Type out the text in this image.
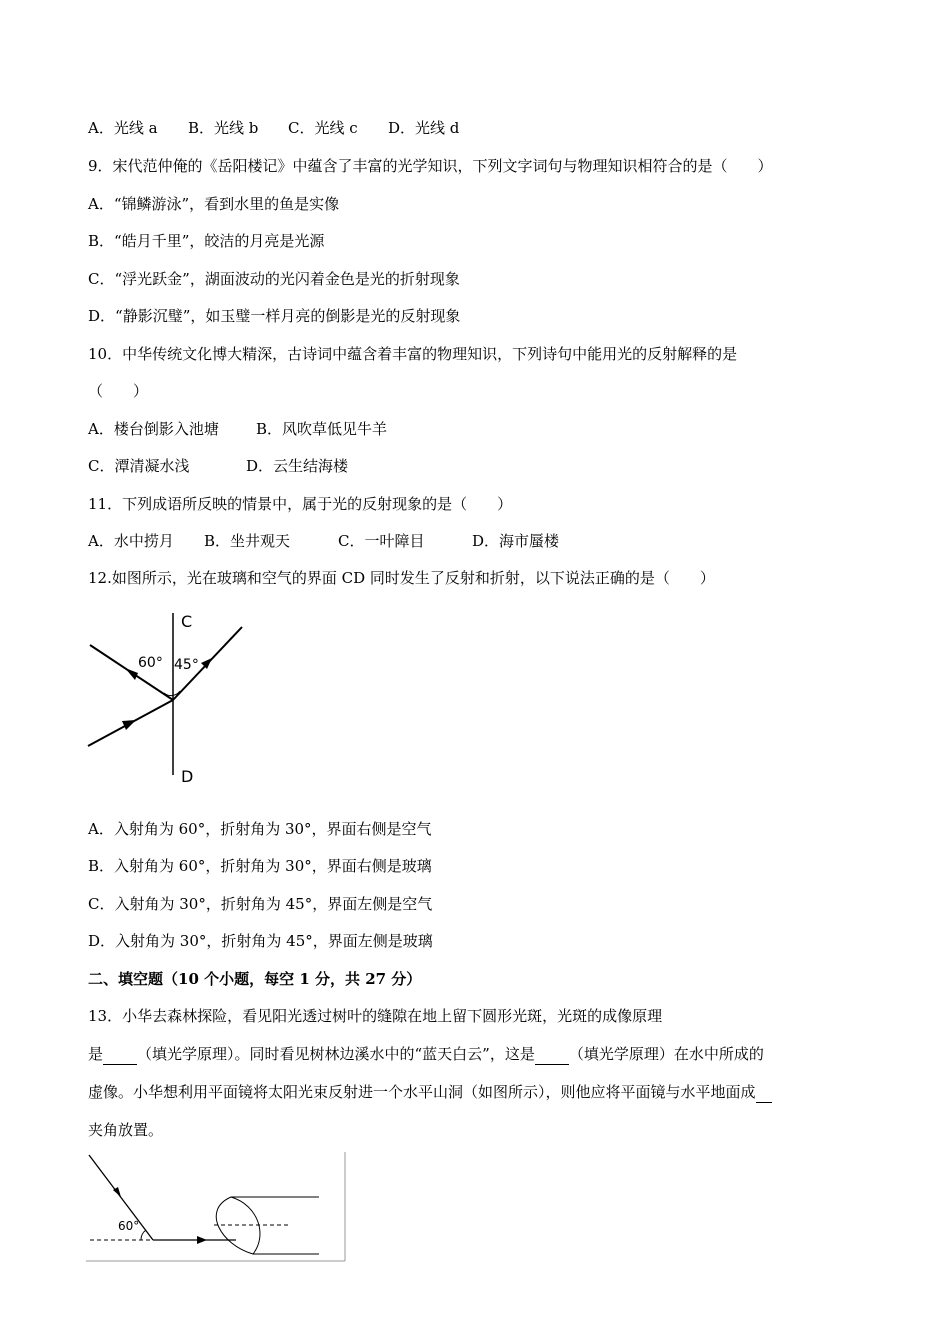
A．光线 a B．光线 b C．光线 c D．光线 d
9．宋代范仲俺的《岳阳楼记》中蕴含了丰富的光学知识，下列文字词句与物理知识相符合的是（　　）
A．“锦鳞游泳”，看到水里的鱼是实像
B．“皓月千里”，皎洁的月亮是光源
C．“浮光跃金”，湖面波动的光闪着金色是光的折射现象
D．“静影沉璧”，如玉璧一样月亮的倒影是光的反射现象
10．中华传统文化博大精深，古诗词中蕴含着丰富的物理知识，下列诗句中能用光的反射解释的是
（　　）
A．楼台倒影入池塘 B．风吹草低见牛羊
C．潭清凝水浅	D．云生结海楼
11．下列成语所反映的情景中，属于光的反射现象的是（　　）
A．水中捞月 B．坐井观天	C．一叶障目	D．海市蜃楼
12.如图所示，光在玻璃和空气的界面 CD 同时发生了反射和折射，以下说法正确的是（　　）
C
D
60° 45°
A．入射角为 60°，折射角为 30°，界面右侧是空气
B．入射角为 60°，折射角为 30°，界面右侧是玻璃
C．入射角为 30°，折射角为 45°，界面左侧是空气
D．入射角为 30°，折射角为 45°，界面左侧是玻璃
二、填空题（10 个小题，每空 1 分，共 27 分）
13．小华去森林探险，看见阳光透过树叶的缝隙在地上留下圆形光斑，光斑的成像原理
是 （填光学原理）。同时看见树林边溪水中的“蓝天白云”，这是 （填光学原理）在水中所成的
虚像。小华想利用平面镜将太阳光束反射进一个水平山洞（如图所示），则他应将平面镜与水平地面成
夹角放置。
60°
